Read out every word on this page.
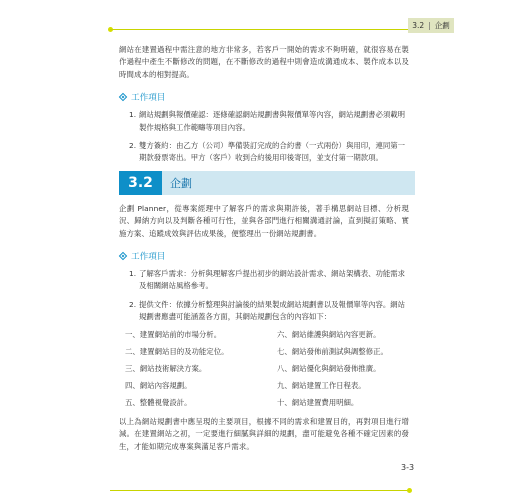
3.2 | 企劃

網站在建置過程中需注意的地方非常多，若客戶一開始的需求不夠明確，就很容易在製作過程中產生不斷修改的問題，在不斷修改的過程中則會造成溝通成本、製作成本以及時間成本的相對提高。

工作項目
1. 網站規劃與報價確認：逐條確認網站規劃書與報價單等內容，網站規劃書必須載明製作規格與工作範疇等項目內容。
2. 雙方簽約：由乙方（公司）準備裝訂完成的合約書（一式兩份）與用印，連同第一期款發票寄出。甲方（客戶）收到合約後用印後寄回，並支付第一期款項。
3.2	企劃

企劃 Planner，從專案經理中了解客戶的需求與期許後，著手構思網站目標、分析現況、歸納方向以及判斷各種可行性，並與各部門進行相關溝通討論，直到擬訂策略、實施方案、追蹤成效與評估成果後，便整理出一份網站規劃書。

工作項目
1. 了解客戶需求：分析與理解客戶提出初步的網站設計需求、網站架構表、功能需求及相關網站風格參考。
2. 提供文件：依據分析整理與討論後的結果製成網站規劃書以及報價單等內容。網站規劃書應盡可能涵蓋各方面，其網站規劃包含的內容如下：
一、建置網站前的市場分析。	六、網站維護與網站內容更新。
二、建置網站目的及功能定位。	七、網站發佈前測試與調整修正。
三、網站技術解決方案。	八、網站優化與網站發佈推廣。
四、網站內容規劃。	九、網站建置工作日程表。
五、整體視覺設計。	十、網站建置費用明細。

以上為網站規劃書中應呈現的主要項目，根據不同的需求和建置目的，再對項目進行增減。在建置網站之初，一定要進行細膩與詳細的規劃，盡可能避免各種不確定因素的發生，才能如期完成專案與滿足客戶需求。

3-3
